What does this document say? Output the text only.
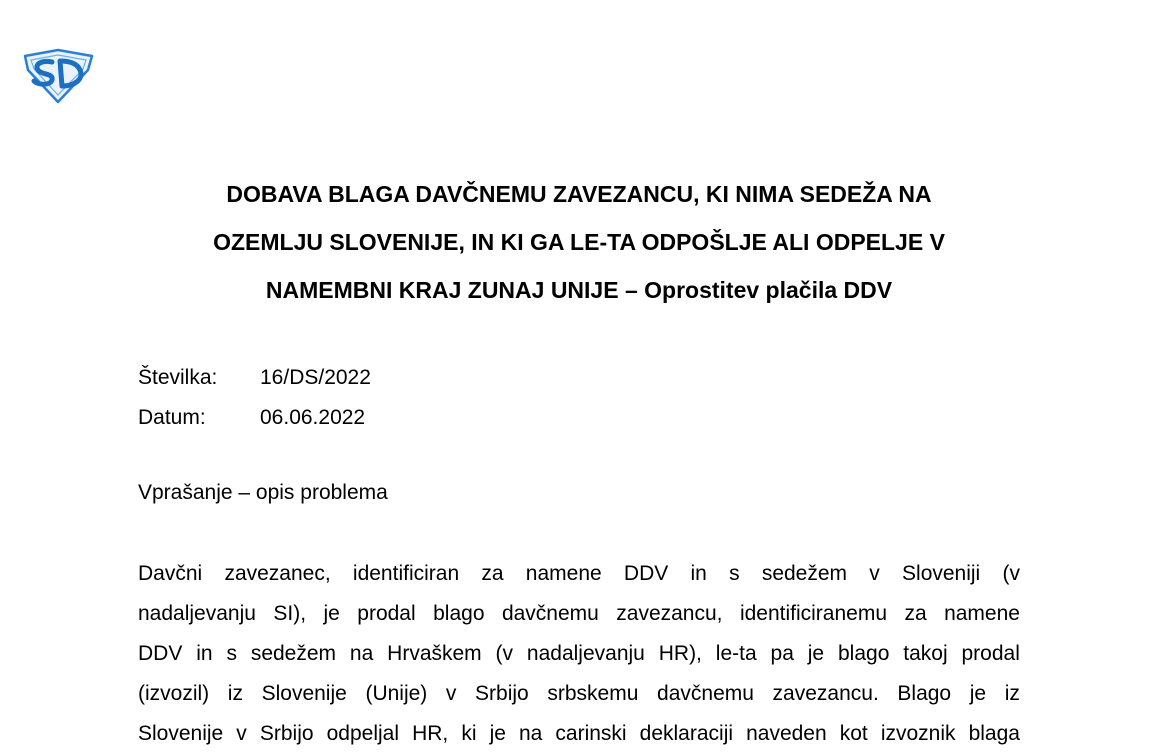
DOBAVA BLAGA DAVČNEMU ZAVEZANCU, KI NIMA SEDEŽA NA
OZEMLJU SLOVENIJE, IN KI GA LE-TA ODPOŠLJE ALI ODPELJE V
NAMEMBNI KRAJ ZUNAJ UNIJE – Oprostitev plačila DDV
Številka:	16/DS/2022
Datum:	06.06.2022
Vprašanje – opis problema
Davčni zavezanec, identificiran za namene DDV in s sedežem v Sloveniji (v
nadaljevanju SI), je prodal blago davčnemu zavezancu, identificiranemu za namene
DDV in s sedežem na Hrvaškem (v nadaljevanju HR), le-ta pa je blago takoj prodal
(izvozil) iz Slovenije (Unije) v Srbijo srbskemu davčnemu zavezancu. Blago je iz
Slovenije v Srbijo odpeljal HR, ki je na carinski deklaraciji naveden kot izvoznik blaga
